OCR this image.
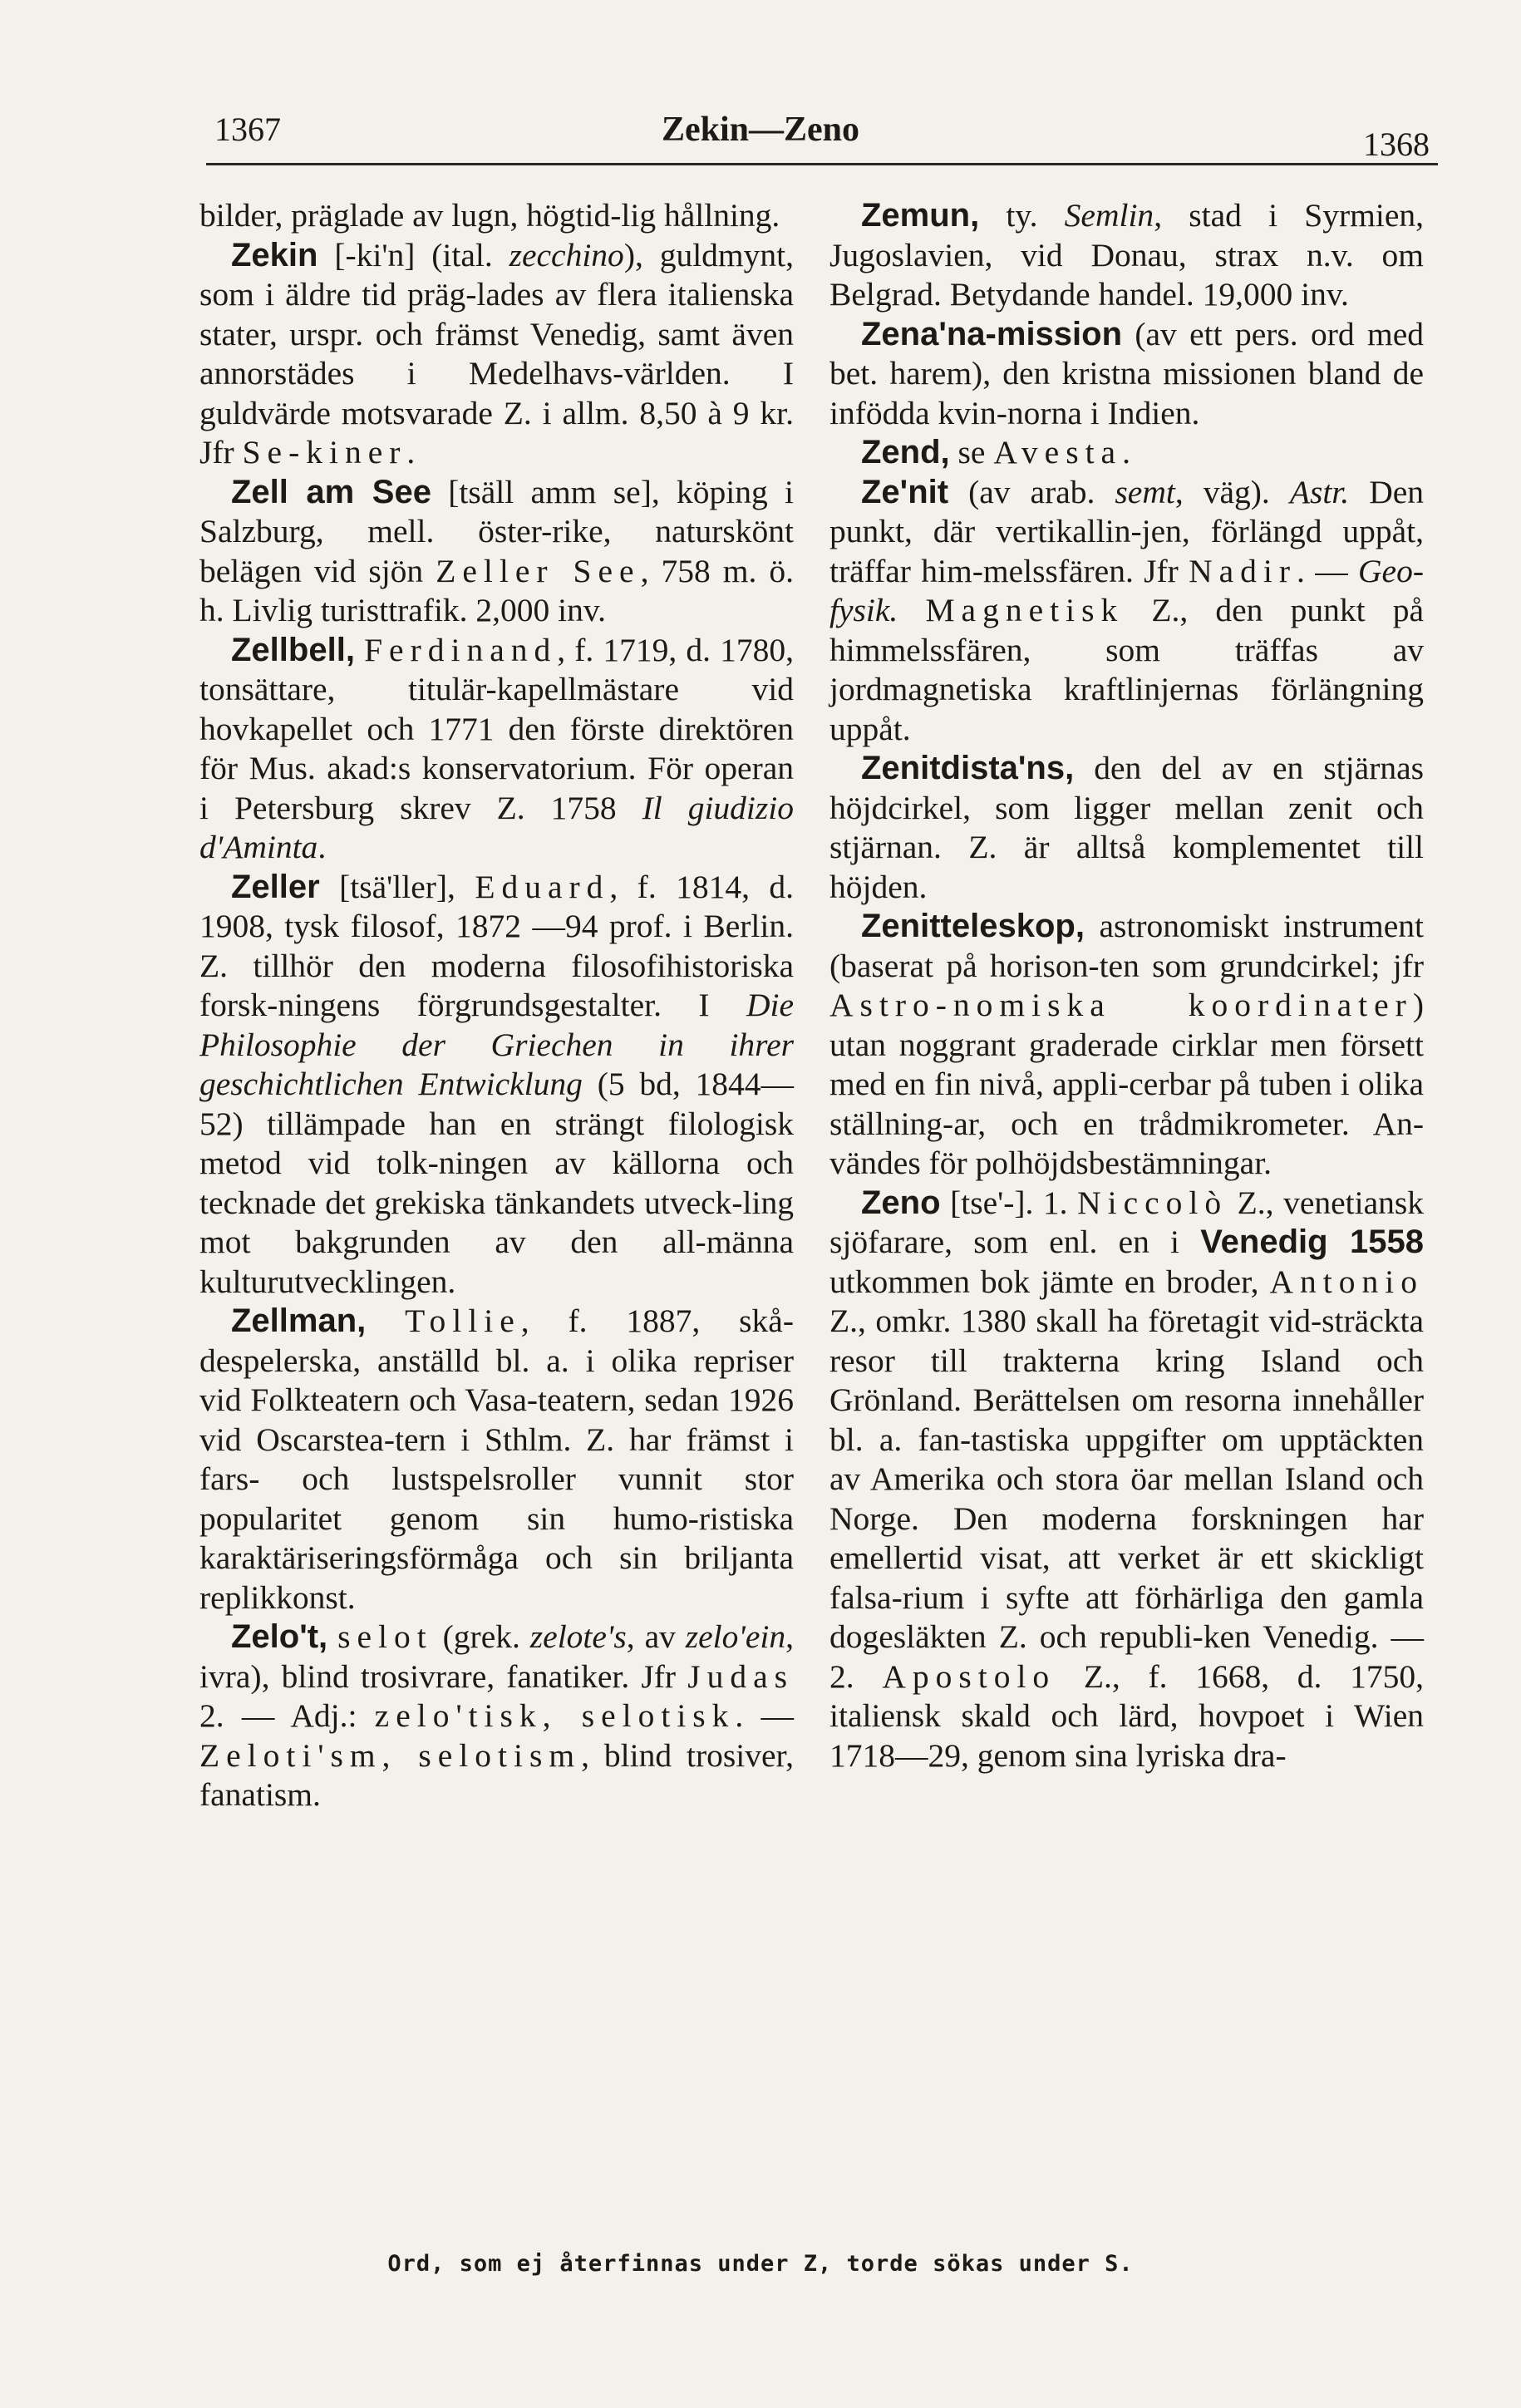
1367	Zekin—Zeno	1368

bilder, präglade av lugn, högtid-lig hållning.

Zekin [-ki'n] (ital. zecchino), guldmynt, som i äldre tid präg-lades av flera italienska stater, urspr. och främst Venedig, samt även annorstädes i Medelhavs-världen. I guldvärde motsvarade Z. i allm. 8,50 à 9 kr. Jfr Se-kiner.

Zell am See [tsäll amm se], köping i Salzburg, mell. öster-rike, naturskönt belägen vid sjön Zeller See, 758 m. ö. h. Livlig turisttrafik. 2,000 inv.

Zellbell, Ferdinand, f. 1719, d. 1780, tonsättare, titulär-kapellmästare vid hovkapellet och 1771 den förste direktören för Mus. akad:s konservatorium. För operan i Petersburg skrev Z. 1758 Il giudizio d'Aminta.

Zeller [tsä'ller], Eduard, f. 1814, d. 1908, tysk filosof, 1872 —94 prof. i Berlin. Z. tillhör den moderna filosofihistoriska forsk-ningens förgrundsgestalter. I Die Philosophie der Griechen in ihrer geschichtlichen Entwicklung (5 bd, 1844—52) tillämpade han en strängt filologisk metod vid tolk-ningen av källorna och tecknade det grekiska tänkandets utveck-ling mot bakgrunden av den all-männa kulturutvecklingen.

Zellman, Tollie, f. 1887, skå-despelerska, anställd bl. a. i olika repriser vid Folkteatern och Vasa-teatern, sedan 1926 vid Oscarstea-tern i Sthlm. Z. har främst i fars- och lustspelsroller vunnit stor popularitet genom sin humo-ristiska karaktäriseringsförmåga och sin briljanta replikkonst.

Zelo't, selot (grek. zelote's, av zelo'ein, ivra), blind trosivrare, fanatiker. Jfr Judas 2. — Adj.: zelo'tisk, selotisk. — Zeloti'sm, selotism, blind trosiver, fanatism.

Zemun, ty. Semlin, stad i Syrmien, Jugoslavien, vid Donau, strax n.v. om Belgrad. Betydande handel. 19,000 inv.

Zena'na-mission (av ett pers. ord med bet. harem), den kristna missionen bland de infödda kvin-norna i Indien.

Zend, se Avesta.

Ze'nit (av arab. semt, väg). Astr. Den punkt, där vertikallin-jen, förlängd uppåt, träffar him-melssfären. Jfr Nadir. — Geo-fysik. Magnetisk Z., den punkt på himmelssfären, som träffas av jordmagnetiska kraftlinjernas förlängning uppåt.

Zenitdista'ns, den del av en stjärnas höjdcirkel, som ligger mellan zenit och stjärnan. Z. är alltså komplementet till höjden.

Zenitteleskop, astronomiskt instrument (baserat på horison-ten som grundcirkel; jfr Astro-nomiska koordinater) utan noggrant graderade cirklar men försett med en fin nivå, appli-cerbar på tuben i olika ställning-ar, och en trådmikrometer. An-vändes för polhöjdsbestämningar.

Zeno [tse'-]. 1. Niccolò Z., venetiansk sjöfarare, som enl. en i Venedig 1558 utkommen bok jämte en broder, Antonio Z., omkr. 1380 skall ha företagit vid-sträckta resor till trakterna kring Island och Grönland. Berättelsen om resorna innehåller bl. a. fan-tastiska uppgifter om upptäckten av Amerika och stora öar mellan Island och Norge. Den moderna forskningen har emellertid visat, att verket är ett skickligt falsa-rium i syfte att förhärliga den gamla dogesläkten Z. och republi-ken Venedig. — 2. Apostolo Z., f. 1668, d. 1750, italiensk skald och lärd, hovpoet i Wien 1718—29, genom sina lyriska dra-

Ord, som ej återfinnas under Z, torde sökas under S.
